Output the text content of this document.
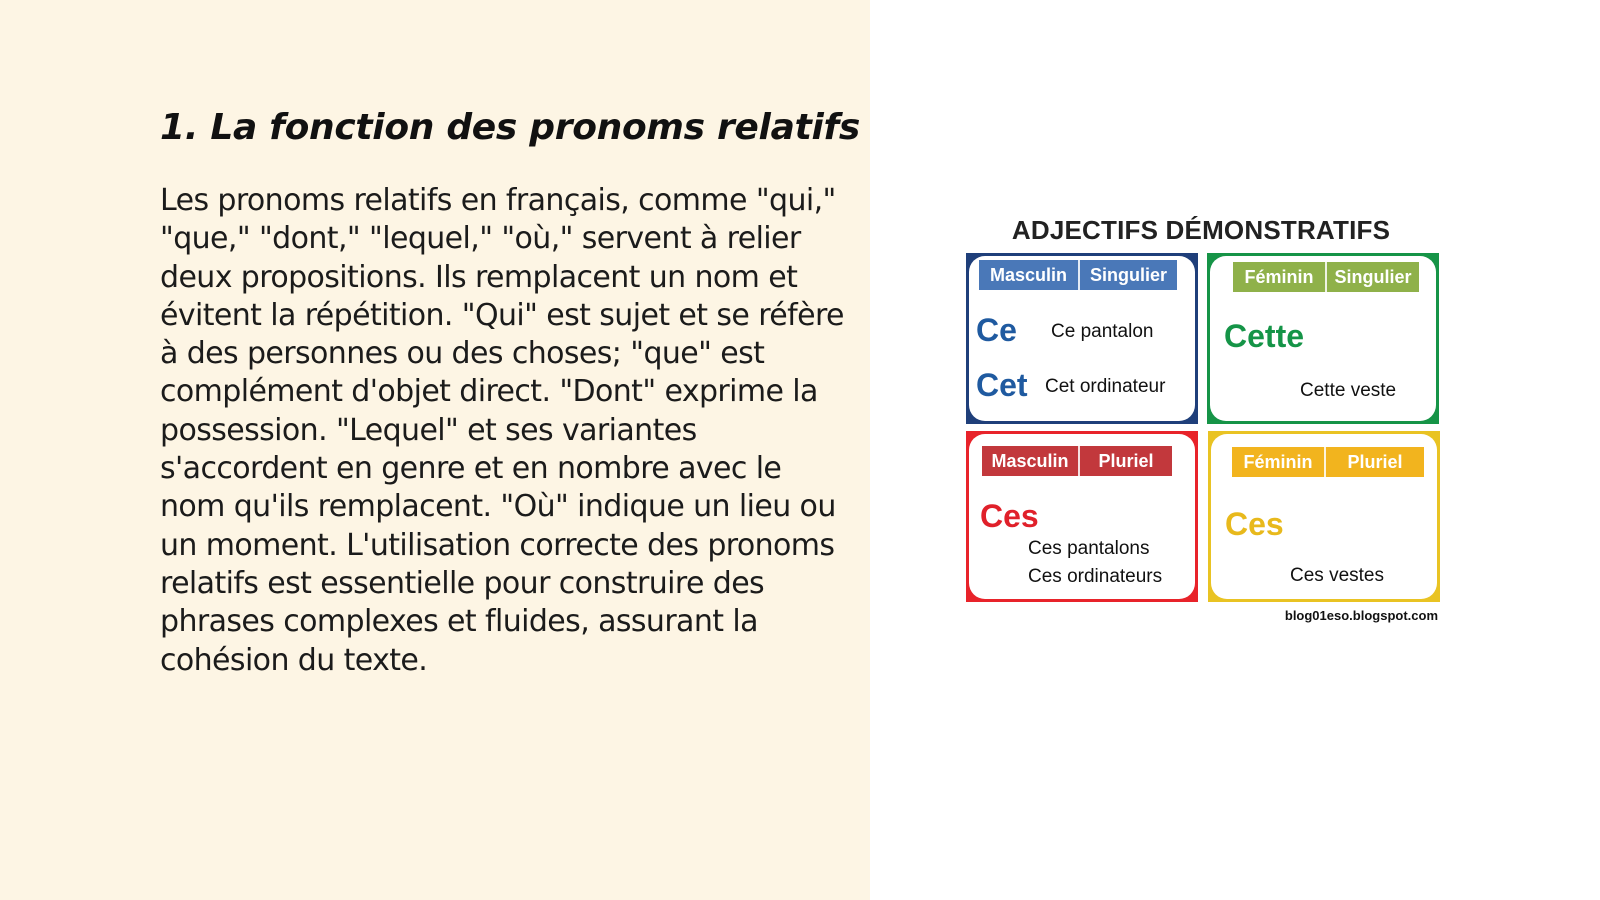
1. La fonction des pronoms relatifs

Les pronoms relatifs en français, comme "qui," "que," "dont," "lequel," "où," servent à relier deux propositions. Ils remplacent un nom et évitent la répétition. "Qui" est sujet et se réfère à des personnes ou des choses; "que" est complément d'objet direct. "Dont" exprime la possession. "Lequel" et ses variantes s'accordent en genre et en nombre avec le nom qu'ils remplacent. "Où" indique un lieu ou un moment. L'utilisation correcte des pronoms relatifs est essentielle pour construire des phrases complexes et fluides, assurant la cohésion du texte.

ADJECTIFS DÉMONSTRATIFS
Masculin	Singulier
Ce Ce pantalon
Cet Cet ordinateur
Féminin	Singulier
Cette
Cette veste
Masculin	Pluriel
Ces
Ces pantalons
Ces ordinateurs
Féminin	Pluriel
Ces
Ces vestes
blog01eso.blogspot.com
